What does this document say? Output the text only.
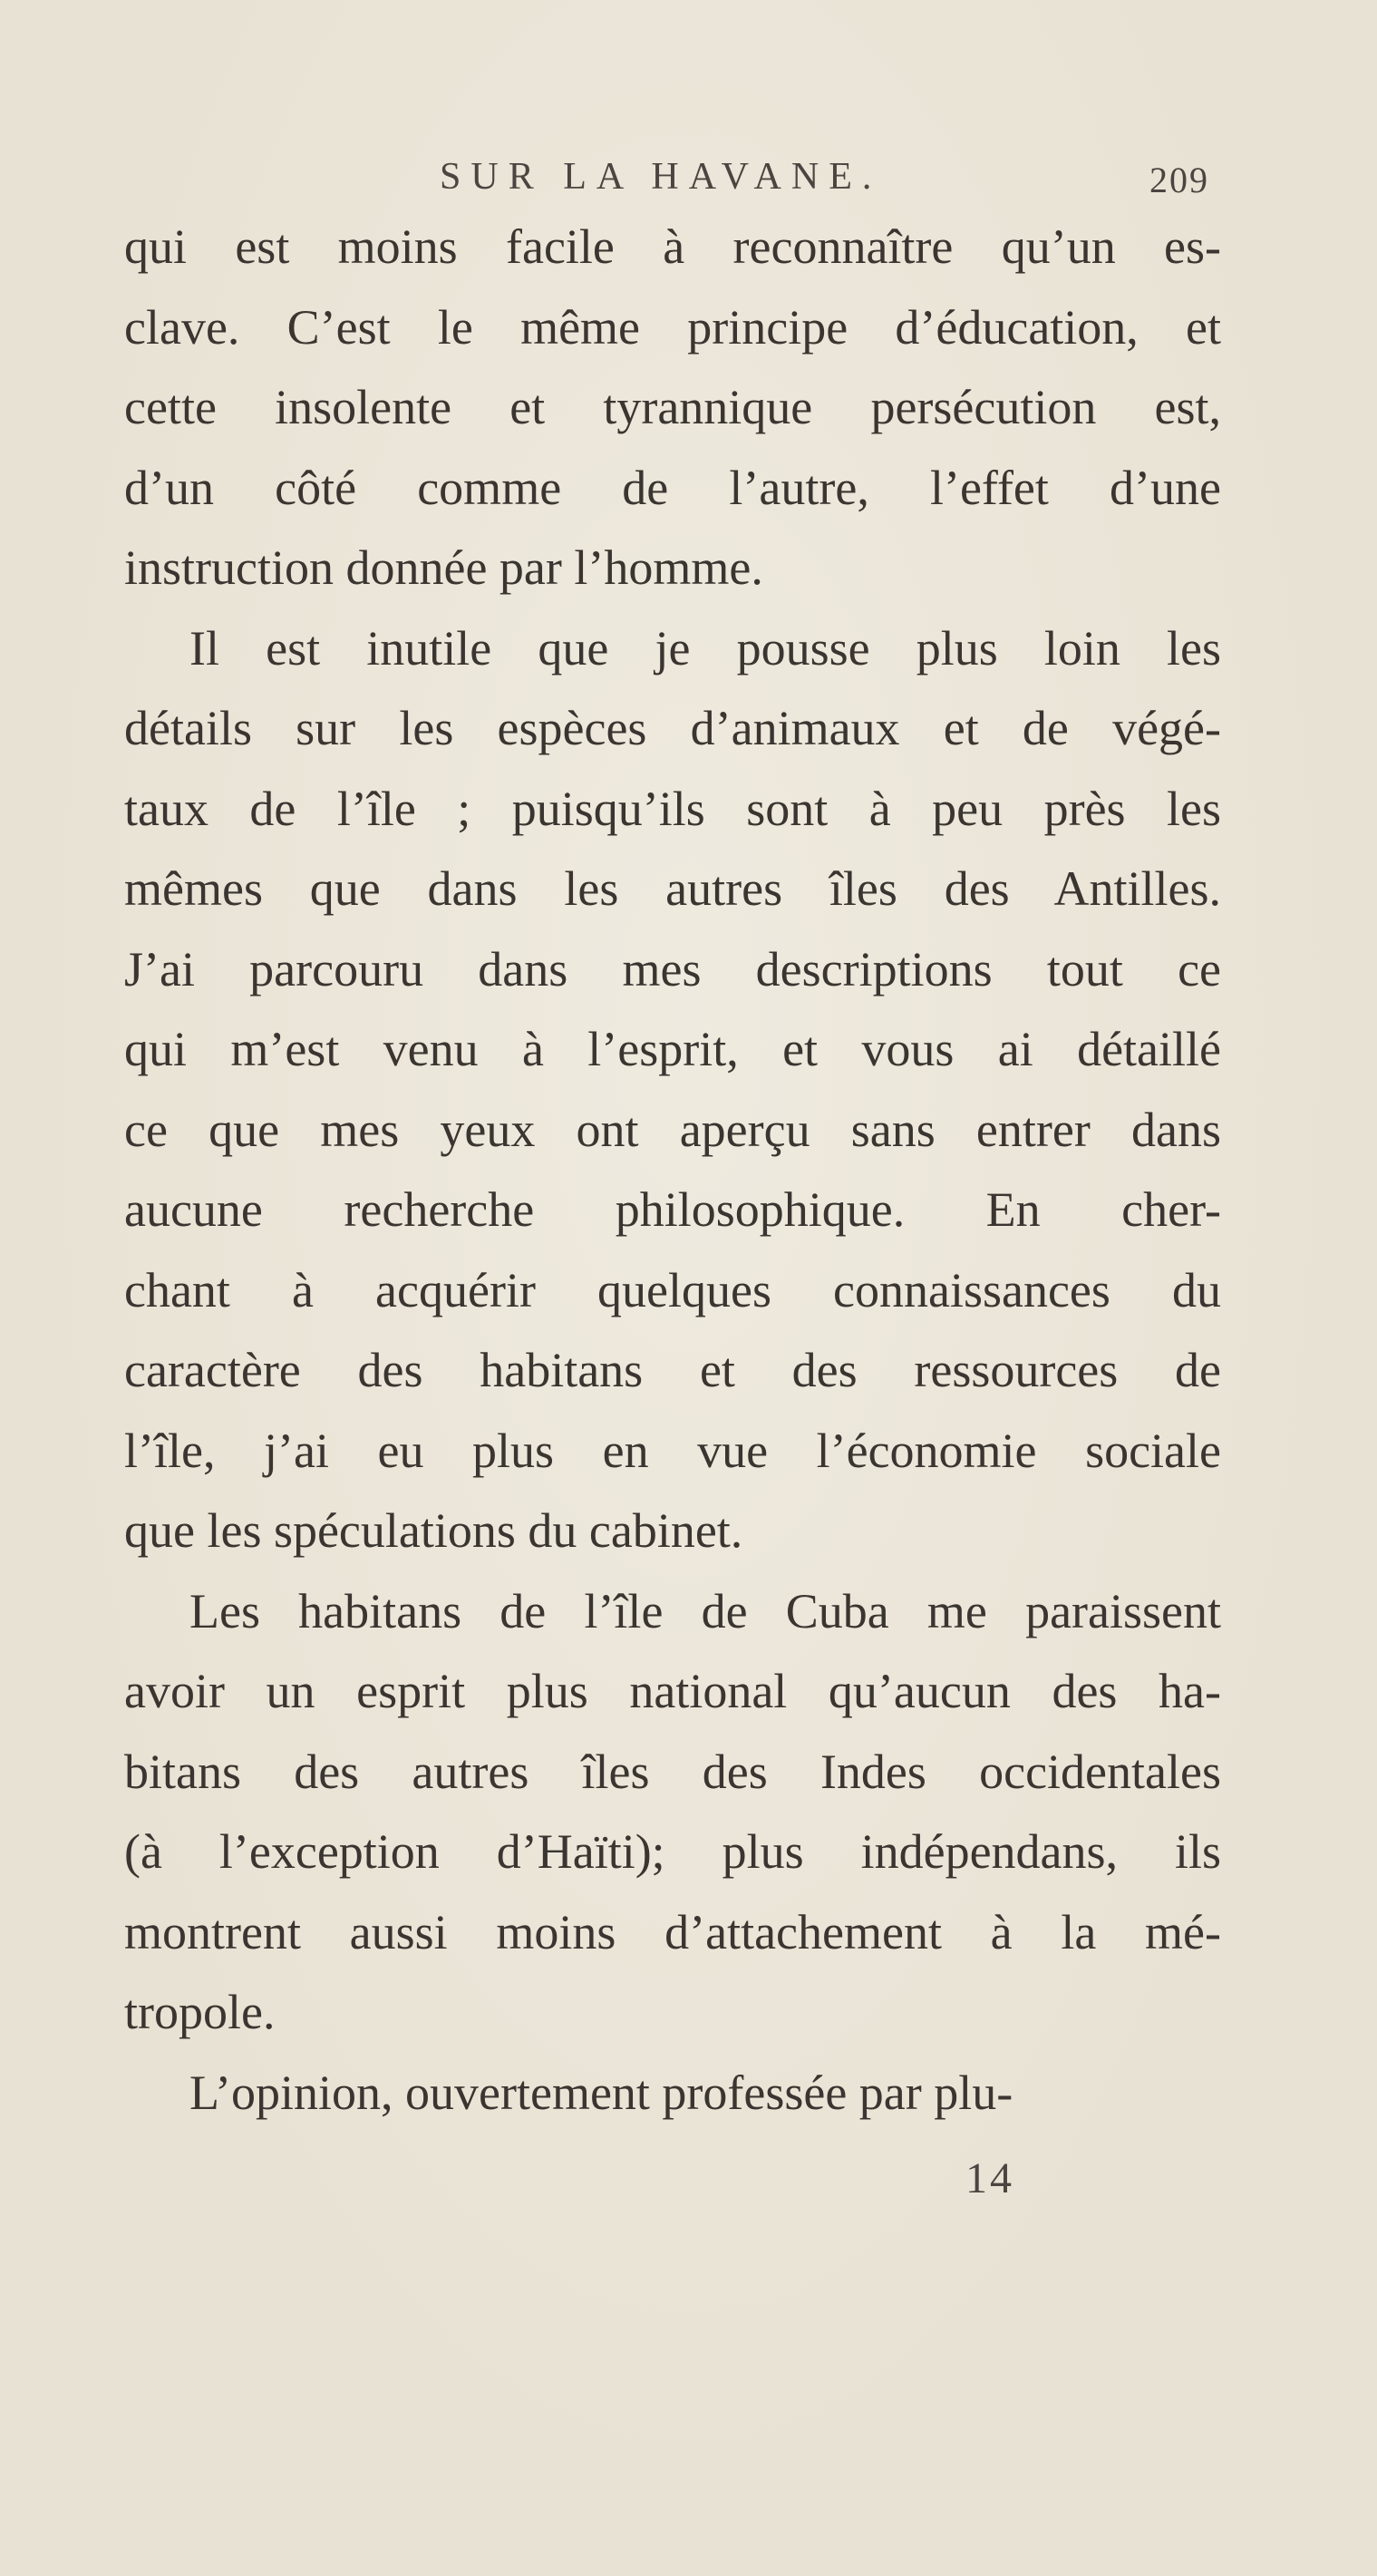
SUR LA HAVANE.	209
qui est moins facile à reconnaître qu’un es-
clave. C’est le même principe d’éducation, et
cette insolente et tyrannique persécution est,
d’un côté comme de l’autre, l’effet d’une
instruction donnée par l’homme.
Il est inutile que je pousse plus loin les
détails sur les espèces d’animaux et de végé-
taux de l’île ; puisqu’ils sont à peu près les
mêmes que dans les autres îles des Antilles.
J’ai parcouru dans mes descriptions tout ce
qui m’est venu à l’esprit, et vous ai détaillé
ce que mes yeux ont aperçu sans entrer dans
aucune recherche philosophique. En cher-
chant à acquérir quelques connaissances du
caractère des habitans et des ressources de
l’île, j’ai eu plus en vue l’économie sociale
que les spéculations du cabinet.
Les habitans de l’île de Cuba me paraissent
avoir un esprit plus national qu’aucun des ha-
bitans des autres îles des Indes occidentales
(à l’exception d’Haïti); plus indépendans, ils
montrent aussi moins d’attachement à la mé-
tropole.
L’opinion, ouvertement professée par plu-
14
